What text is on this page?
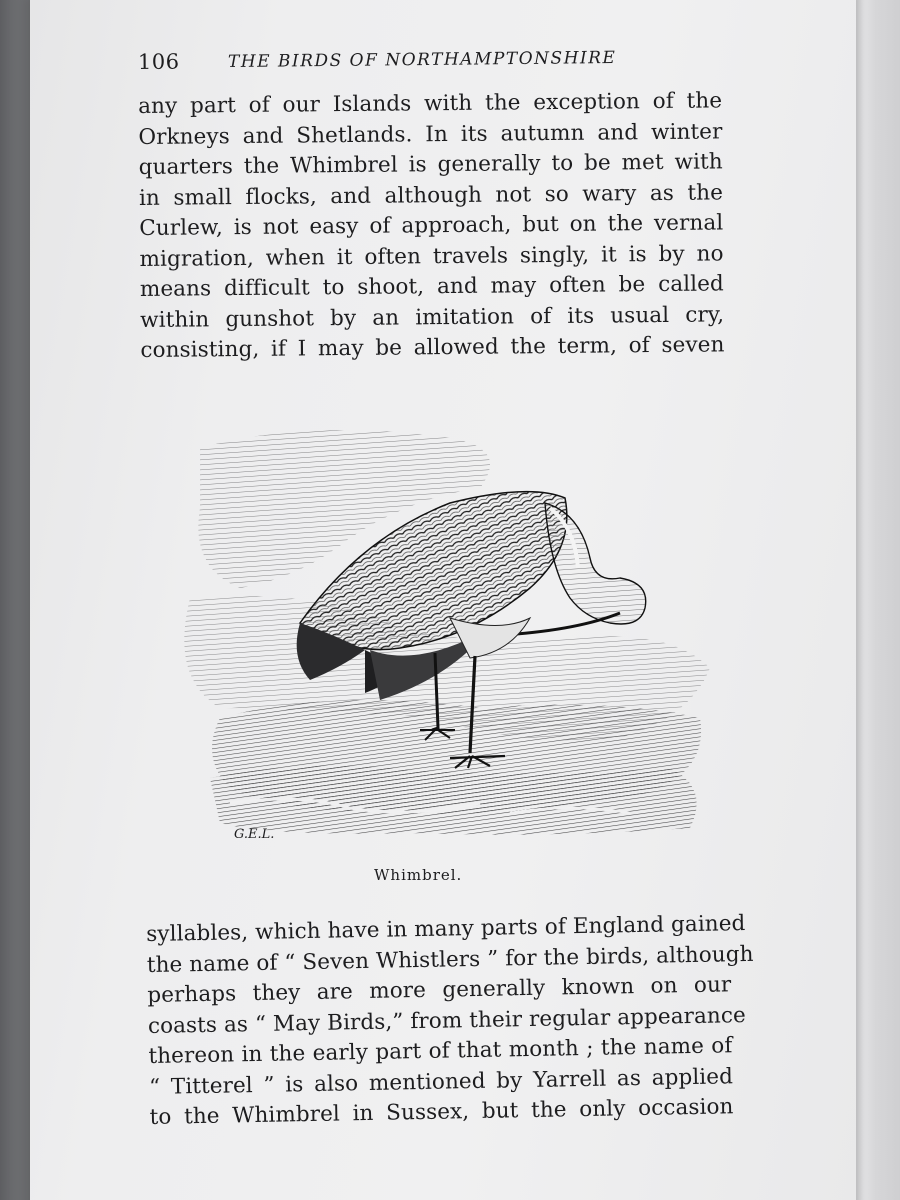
106	THE BIRDS OF NORTHAMPTONSHIRE
any part of our Islands with the exception of the
Orkneys and Shetlands. In its autumn and winter
quarters the Whimbrel is generally to be met with
in small flocks, and although not so wary as the
Curlew, is not easy of approach, but on the vernal
migration, when it often travels singly, it is by no
means difficult to shoot, and may often be called
within gunshot by an imitation of its usual cry,
consisting, if I may be allowed the term, of seven
G.E.L.
Whimbrel.
syllables, which have in many parts of England gained
the name of “ Seven Whistlers ” for the birds, although
perhaps they are more generally known on our
coasts as “ May Birds,” from their regular appearance
thereon in the early part of that month ; the name of
“ Titterel ” is also mentioned by Yarrell as applied
to the Whimbrel in Sussex, but the only occasion
